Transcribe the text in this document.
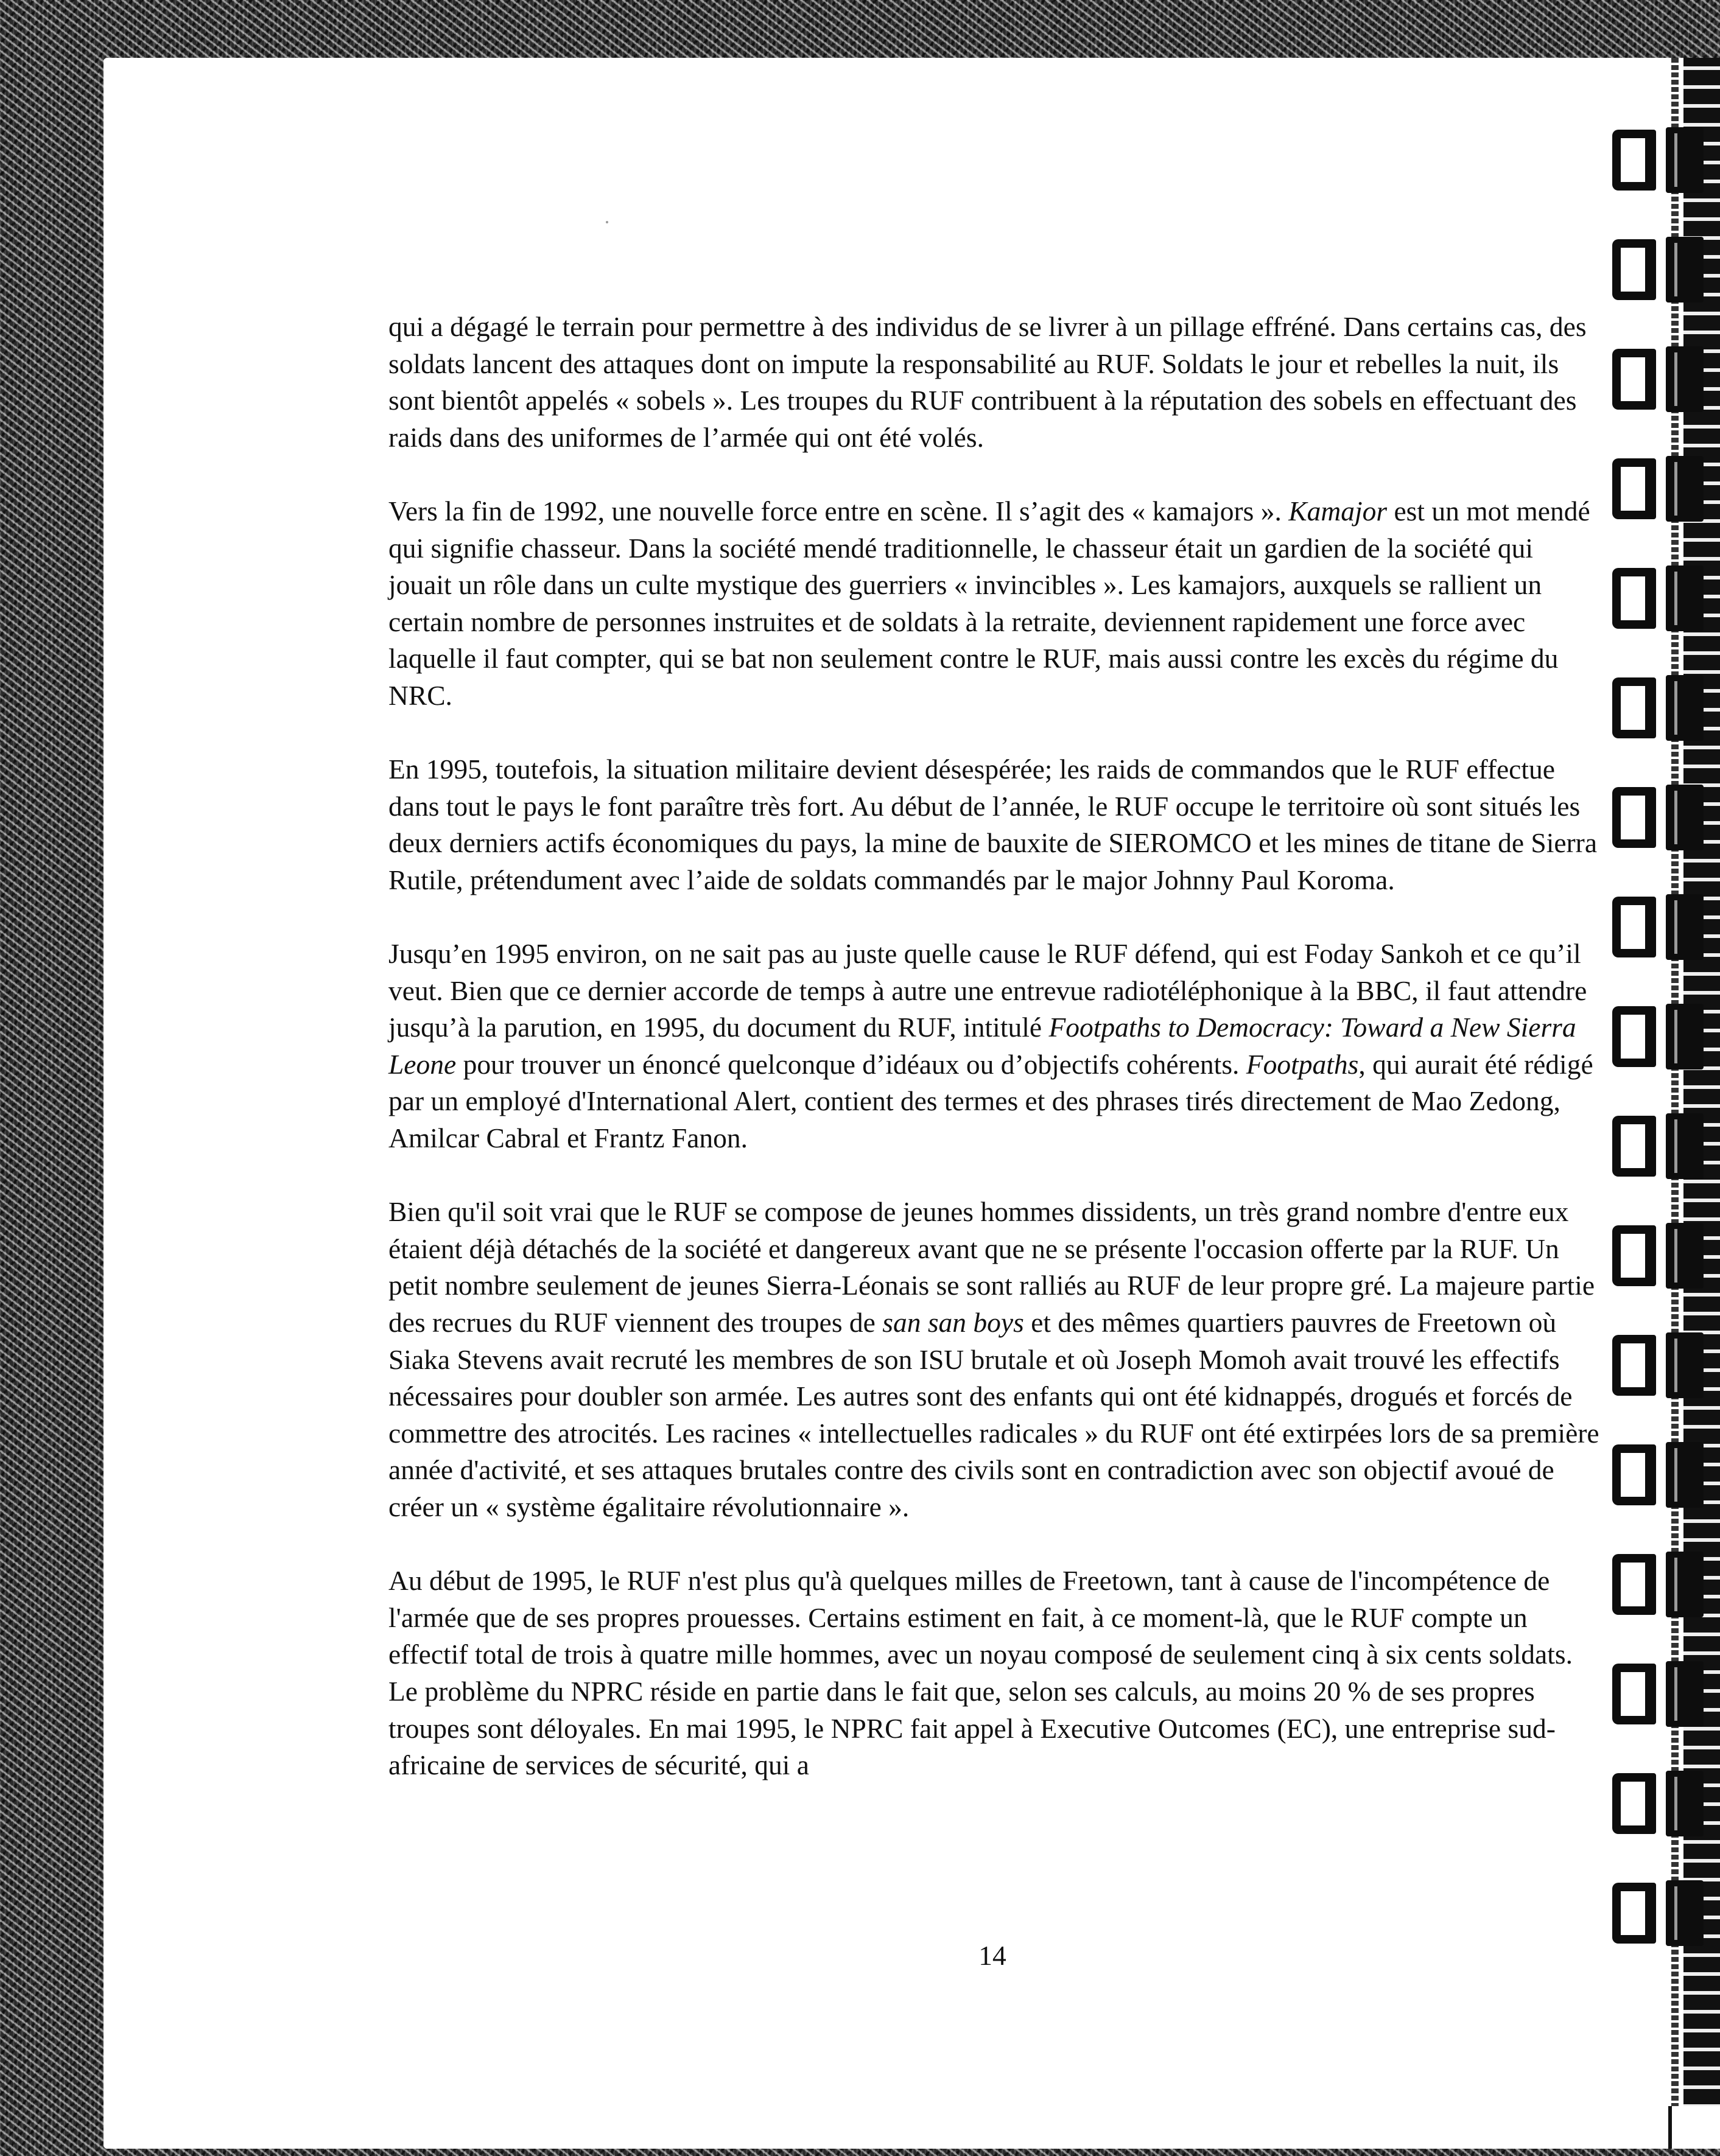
qui a dégagé le terrain pour permettre à des individus de se livrer à un pillage effréné. Dans certains cas, des soldats lancent des attaques dont on impute la responsabilité au RUF. Soldats le jour et rebelles la nuit, ils sont bientôt appelés « sobels ». Les troupes du RUF contribuent à la réputation des sobels en effectuant des raids dans des uniformes de l’armée qui ont été volés.

Vers la fin de 1992, une nouvelle force entre en scène. Il s’agit des « kamajors ». Kamajor est un mot mendé qui signifie chasseur. Dans la société mendé traditionnelle, le chasseur était un gardien de la société qui jouait un rôle dans un culte mystique des guerriers « invincibles ». Les kamajors, auxquels se rallient un certain nombre de personnes instruites et de soldats à la retraite, deviennent rapidement une force avec laquelle il faut compter, qui se bat non seulement contre le RUF, mais aussi contre les excès du régime du NRC.

En 1995, toutefois, la situation militaire devient désespérée; les raids de commandos que le RUF effectue dans tout le pays le font paraître très fort. Au début de l’année, le RUF occupe le territoire où sont situés les deux derniers actifs économiques du pays, la mine de bauxite de SIEROMCO et les mines de titane de Sierra Rutile, prétendument avec l’aide de soldats commandés par le major Johnny Paul Koroma.

Jusqu’en 1995 environ, on ne sait pas au juste quelle cause le RUF défend, qui est Foday Sankoh et ce qu’il veut. Bien que ce dernier accorde de temps à autre une entrevue radiotéléphonique à la BBC, il faut attendre jusqu’à la parution, en 1995, du document du RUF, intitulé Footpaths to Democracy: Toward a New Sierra Leone pour trouver un énoncé quelconque d’idéaux ou d’objectifs cohérents. Footpaths, qui aurait été rédigé par un employé d'International Alert, contient des termes et des phrases tirés directement de Mao Zedong, Amilcar Cabral et Frantz Fanon.

Bien qu'il soit vrai que le RUF se compose de jeunes hommes dissidents, un très grand nombre d'entre eux étaient déjà détachés de la société et dangereux avant que ne se présente l'occasion offerte par la RUF. Un petit nombre seulement de jeunes Sierra-Léonais se sont ralliés au RUF de leur propre gré. La majeure partie des recrues du RUF viennent des troupes de san san boys et des mêmes quartiers pauvres de Freetown où Siaka Stevens avait recruté les membres de son ISU brutale et où Joseph Momoh avait trouvé les effectifs nécessaires pour doubler son armée. Les autres sont des enfants qui ont été kidnappés, drogués et forcés de commettre des atrocités. Les racines « intellectuelles radicales » du RUF ont été extirpées lors de sa première année d'activité, et ses attaques brutales contre des civils sont en contradiction avec son objectif avoué de créer un « système égalitaire révolutionnaire ».

Au début de 1995, le RUF n'est plus qu'à quelques milles de Freetown, tant à cause de l'incompétence de l'armée que de ses propres prouesses. Certains estiment en fait, à ce moment-là, que le RUF compte un effectif total de trois à quatre mille hommes, avec un noyau composé de seulement cinq à six cents soldats. Le problème du NPRC réside en partie dans le fait que, selon ses calculs, au moins 20 % de ses propres troupes sont déloyales. En mai 1995, le NPRC fait appel à Executive Outcomes (EC), une entreprise sud-africaine de services de sécurité, qui a

14
